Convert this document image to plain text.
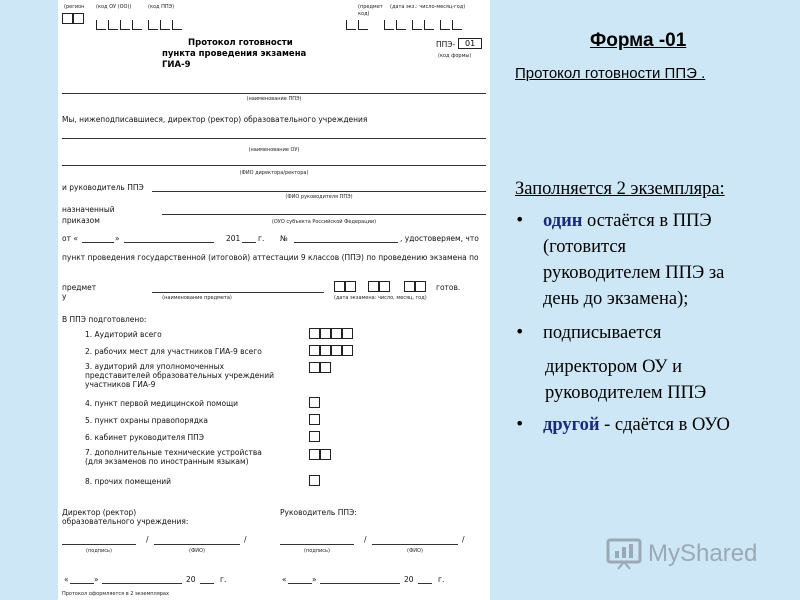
(регион (код ОУ (ОО))	(код ППЭ)	(предмет
код)
(дата экз.: число-месяц-год)
Протокол готовности
пункта проведения экзамена
ГИА-9
ППЭ-	01
(код формы)
(наименование ППЭ)
Мы, нижеподписавшиеся, директор (ректор) образовательного учреждения
(наименование ОУ)
(ФИО директора/ректора)
и руководитель ППЭ
(ФИО руководителя ППЭ)
назначенный
приказом	(ОУО субъекта Российской Федерации)
от «	»	201 г. №	, удостоверяем, что
пункт проведения государственной (итоговой) аттестации 9 классов (ППЭ) по проведению экзамена по
предмет
у	(наименование предмета)
готов.
(дата экзамена: число, месяц, год)
В ППЭ подготовлено:
1. Аудиторий всего
2. рабочих мест для участников ГИА-9 всего
3. аудиторий для уполномоченных представителей образовательных учреждений участников ГИА-9
4. пункт первой медицинской помощи
5. пункт охраны правопорядка
6. кабинет руководителя ППЭ
7. дополнительные технические устройства (для экзаменов по иностранным языкам)
8. прочих помещений
Директор (ректор)
образовательного учреждения:
Руководитель ППЭ:
/	/
(подпись)	(ФИО)
/	/
(подпись)	(ФИО)
«	»	20	г.	«	»	20	г.
Протокол оформляется в 2 экземплярах
Форма -01
Протокол готовности ППЭ .
Заполняется 2 экземпляра:
• один остаётся в ППЭ
(готовится
руководителем ППЭ за
день до экзамена);
• подписывается
директором ОУ и
руководителем ППЭ
• другой - сдаётся в ОУО
MyShared
